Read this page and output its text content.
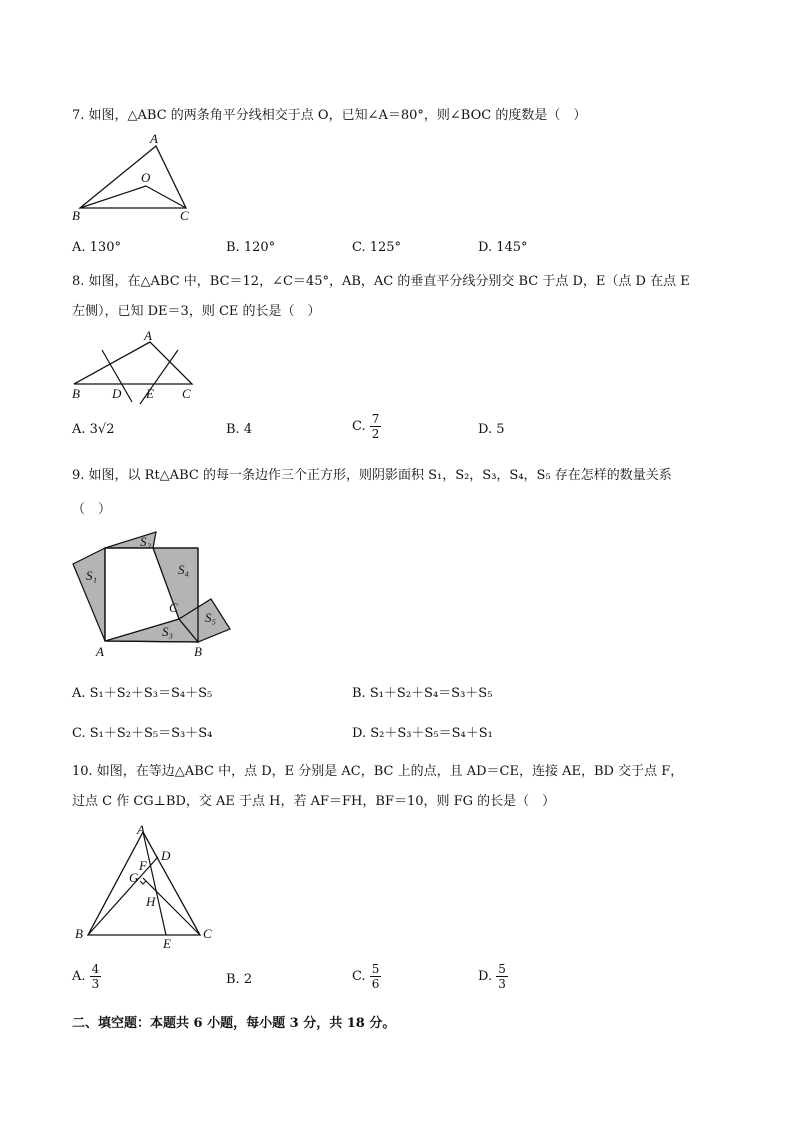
7. 如图，△ABC 的两条角平分线相交于点 O，已知∠A＝80°，则∠BOC 的度数是（　）
A
O
B	C
A. 130°	B. 120°	C. 125°	D. 145°
8. 如图，在△ABC 中，BC＝12，∠C＝45°，AB，AC 的垂直平分线分别交 BC 于点 D，E（点 D 在点 E
左侧），已知 DE＝3，则 CE 的长是（　）
A
B D E C
A. 3√2	B. 4	C. $\frac{7}{2}$	D. 5
9. 如图，以 Rt△ABC 的每一条边作三个正方形，则阴影面积 S₁，S₂，S₃，S₄，S₅ 存在怎样的数量关系
（　）
S₁
S₂
S₄
C
S₅
S₃
A	B
A. S₁＋S₂＋S₃＝S₄＋S₅	B. S₁＋S₂＋S₄＝S₃＋S₅
C. S₁＋S₂＋S₅＝S₃＋S₄	D. S₂＋S₃＋S₅＝S₄＋S₁
10. 如图，在等边△ABC 中，点 D，E 分别是 AC，BC 上的点，且 AD＝CE，连接 AE，BD 交于点 F，
过点 C 作 CG⊥BD，交 AE 于点 H，若 AF＝FH，BF＝10，则 FG 的长是（　）
A
D
F
G
H
B
E
C
A. $\frac{4}{3}$	B. 2	C. $\frac{5}{6}$	D. $\frac{5}{3}$
二、填空题：本题共 6 小题，每小题 3 分，共 18 分。
